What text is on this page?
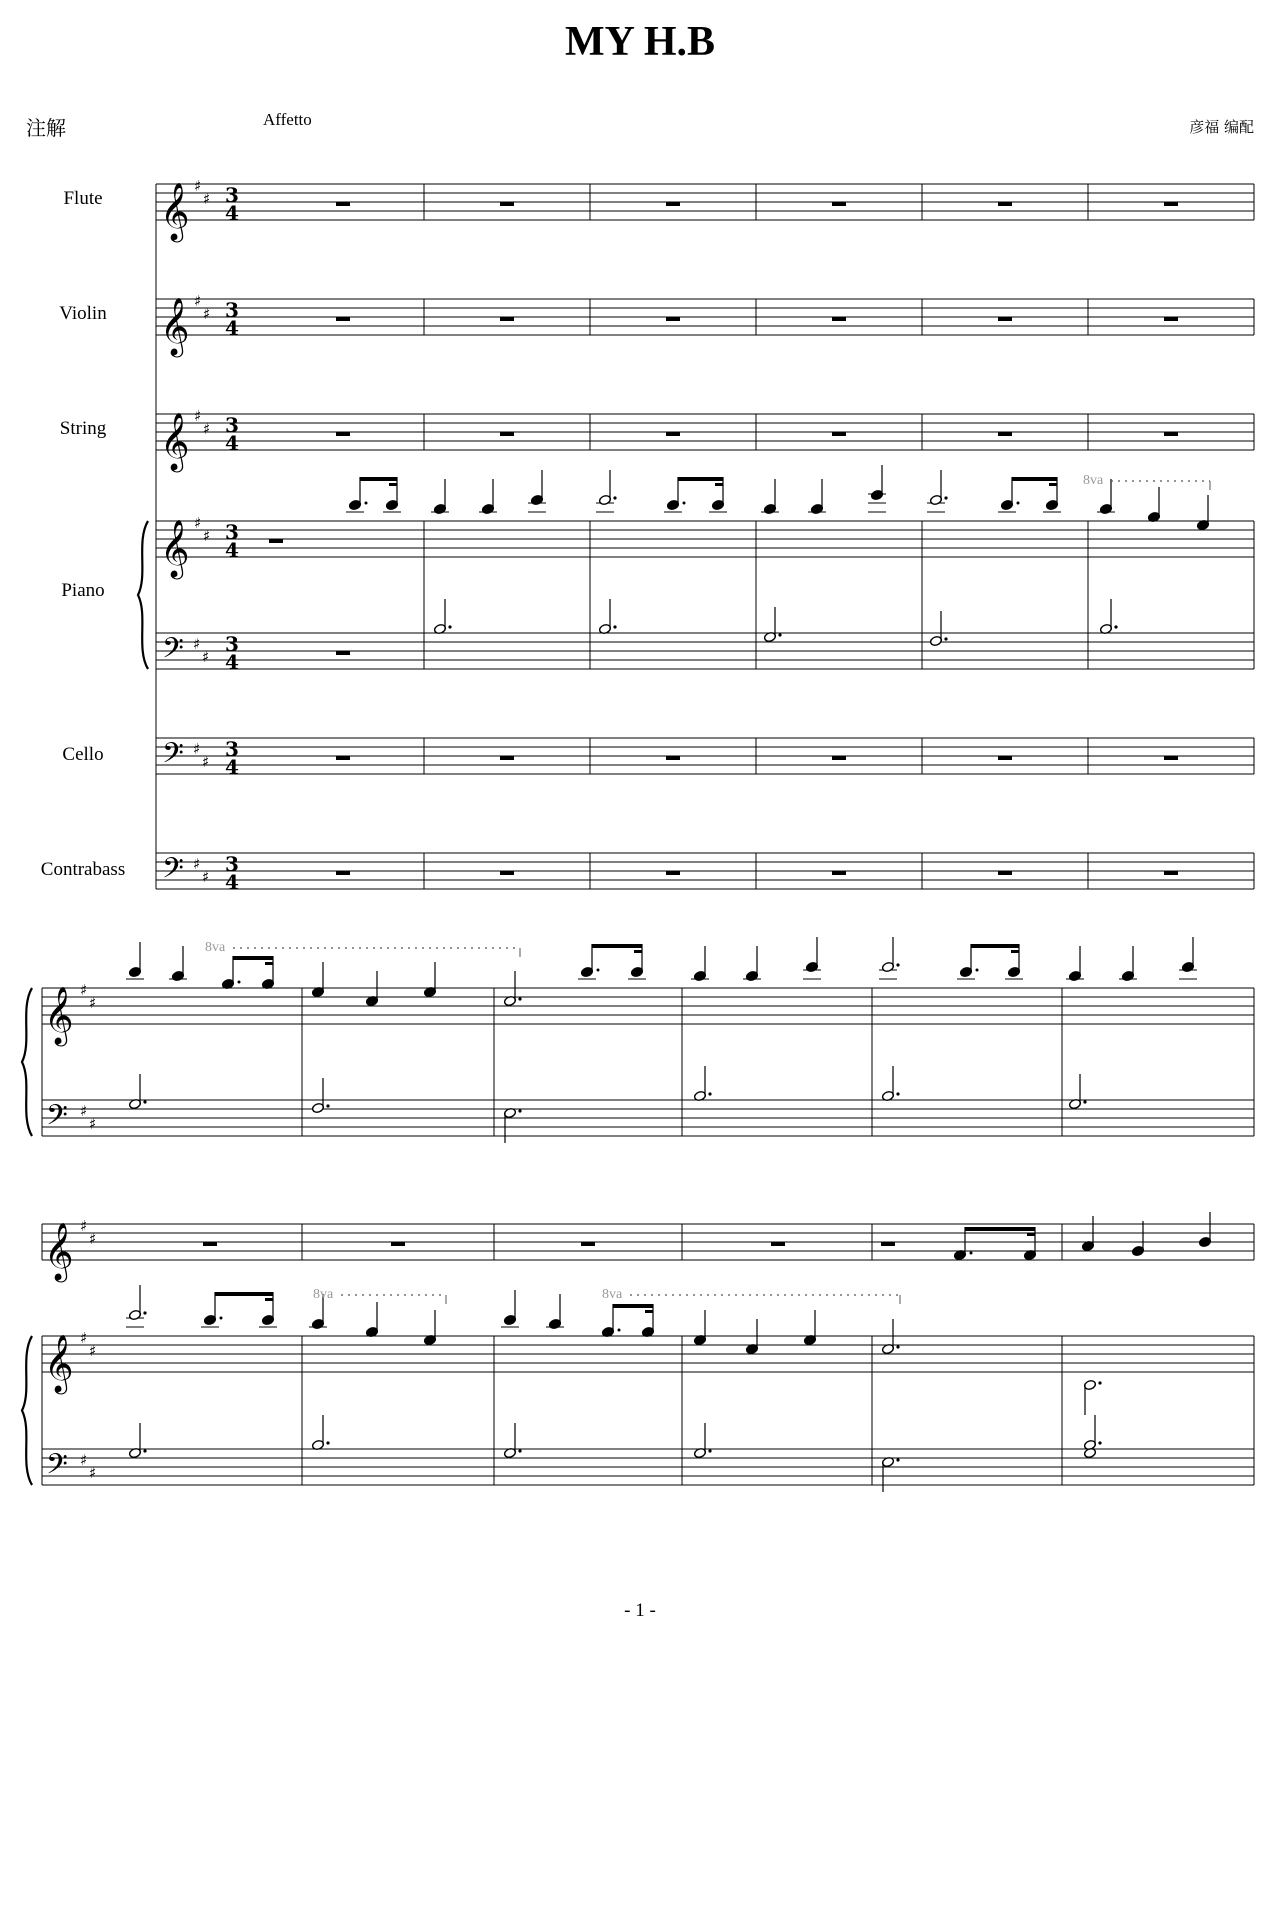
MY H.B
注解	Affetto	彦福 编配
Flute
Violin
String
Piano
Cello
Contrabass
𝄞 ♯
♯ 3
4
𝄞 ♯
♯ 3
4
𝄞 ♯
♯ 3
4
𝄞 ♯
♯ 3
4
𝄢 ♯
♯
3
4
𝄢 ♯
♯
3
4
𝄢 ♯
♯
3
4
8va
𝄞 ♯
♯
𝄢 ♯
♯
8va
𝄞 ♯
♯
𝄞 ♯
♯
𝄢 ♯
♯
8va	8va
- 1 -
